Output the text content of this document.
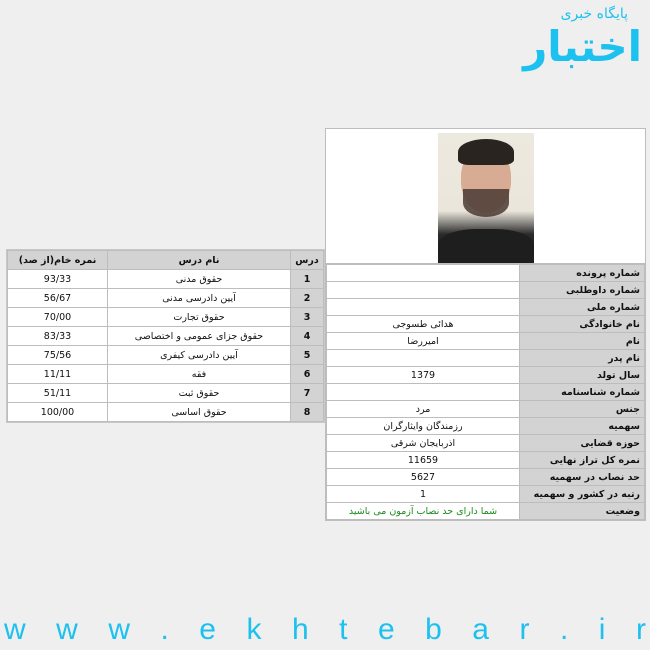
پایگاه خبری
اختبار
شماره پرونده	
شماره داوطلبی	
شماره ملی	
نام خانوادگی	هدائی طسوجی
نام	امیررضا
نام پدر	
سال تولد	1379
شماره شناسنامه	
جنس	مرد
سهمیه	رزمندگان وایثارگران
حوزه قضایی	اذربایجان شرقی
نمره کل تراز نهایی	11659
حد نصاب در سهمیه	5627
رتبه در کشور و سهمیه	1
وضعیت	شما دارای حد نصاب آزمون می باشید
درس	نام درس	نمره خام(از صد)
1	حقوق مدنی	93/33
2	آیین دادرسی مدنی	56/67
3	حقوق تجارت	70/00
4	حقوق جزای عمومی و اختصاصی	83/33
5	آیین دادرسی کیفری	75/56
6	فقه	11/11
7	حقوق ثبت	51/11
8	حقوق اساسی	100/00
w w w . e k h t e b a r . i r
